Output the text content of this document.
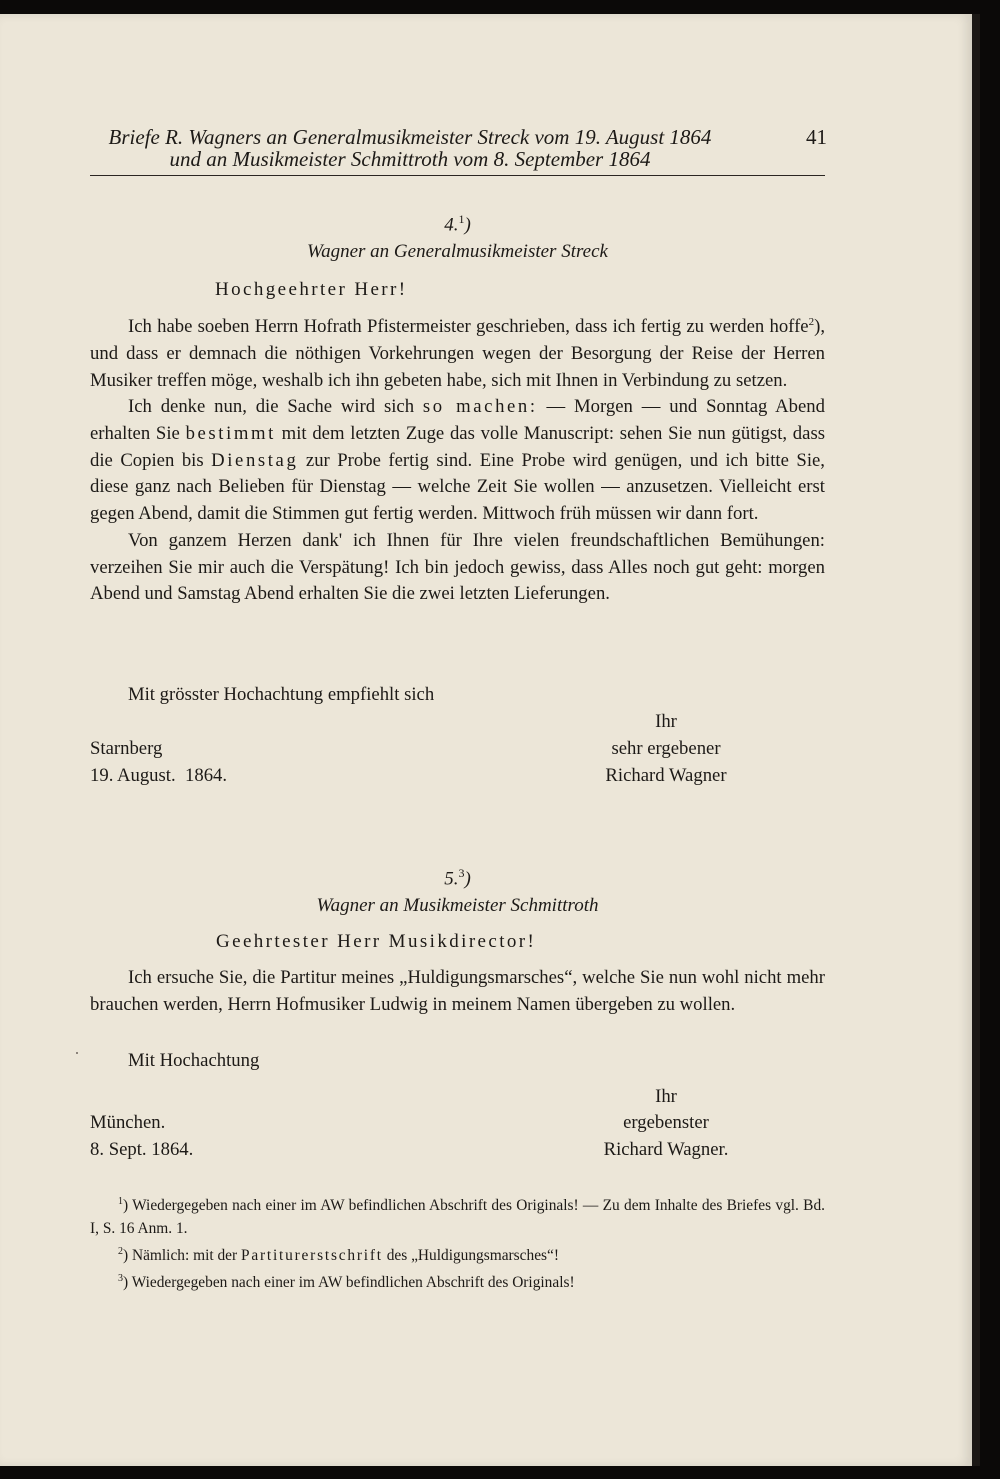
Briefe R. Wagners an Generalmusikmeister Streck vom 19. August 1864
und an Musikmeister Schmittroth vom 8. September 1864
41
4.$^1$)
Wagner an Generalmusikmeister Streck
Hochgeehrter Herr!
Ich habe soeben Herrn Hofrath Pfistermeister geschrieben, dass ich fertig zu werden hoffe$^2$), und dass er demnach die nöthigen Vorkehrungen wegen der Besorgung der Reise der Herren Musiker treffen möge, weshalb ich ihn gebeten habe, sich mit Ihnen in Verbindung zu setzen.
Ich denke nun, die Sache wird sich so machen: — Morgen — und Sonntag Abend erhalten Sie bestimmt mit dem letzten Zuge das volle Manuscript: sehen Sie nun gütigst, dass die Copien bis Dienstag zur Probe fertig sind. Eine Probe wird genügen, und ich bitte Sie, diese ganz nach Belieben für Dienstag — welche Zeit Sie wollen — anzusetzen. Vielleicht erst gegen Abend, damit die Stimmen gut fertig werden. Mittwoch früh müssen wir dann fort.
Von ganzem Herzen dank' ich Ihnen für Ihre vielen freundschaftlichen Bemühungen: verzeihen Sie mir auch die Verspätung! Ich bin jedoch gewiss, dass Alles noch gut geht: morgen Abend und Samstag Abend erhalten Sie die zwei letzten Lieferungen.
Mit grösster Hochachtung empfiehlt sich
Ihr
Starnberg	sehr ergebener
19. August.  1864.	Richard Wagner
5.$^3$)
Wagner an Musikmeister Schmittroth
Geehrtester Herr Musikdirector!
Ich ersuche Sie, die Partitur meines „Huldigungsmarsches“, welche Sie nun wohl nicht mehr brauchen werden, Herrn Hofmusiker Ludwig in meinem Namen übergeben zu wollen.
Mit Hochachtung
Ihr
München.	ergebenster
8. Sept. 1864.	Richard Wagner.
$^1$) Wiedergegeben nach einer im AW befindlichen Abschrift des Originals! — Zu dem Inhalte des Briefes vgl. Bd. I, S. 16 Anm. 1.
$^2$) Nämlich: mit der Partiturerstschrift des „Huldigungsmarsches“!
$^3$) Wiedergegeben nach einer im AW befindlichen Abschrift des Originals!
